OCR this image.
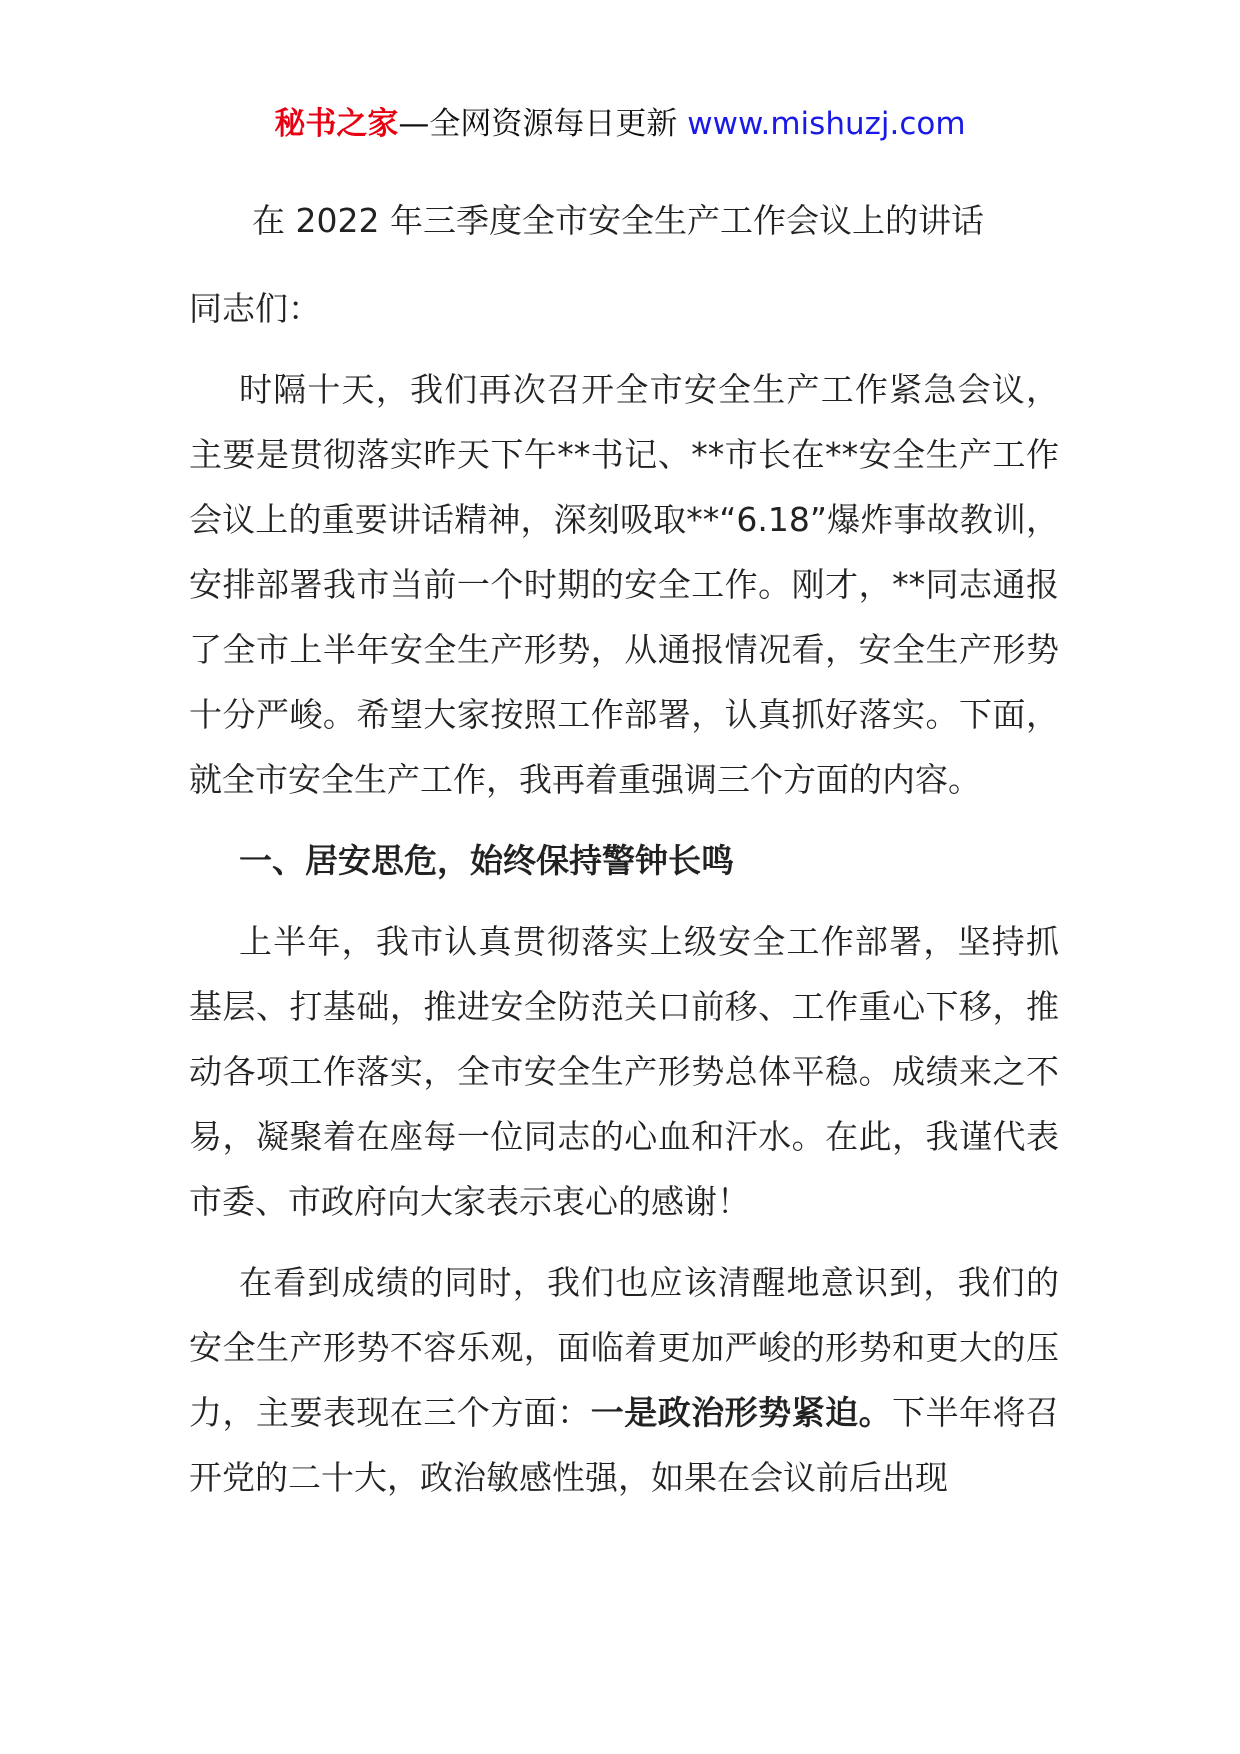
秘书之家—全网资源每日更新 www.mishuzj.com
在 2022 年三季度全市安全生产工作会议上的讲话

同志们：

时隔十天，我们再次召开全市安全生产工作紧急会议，主要是贯彻落实昨天下午**书记、**市长在**安全生产工作会议上的重要讲话精神，深刻吸取**“6.18”爆炸事故教训，安排部署我市当前一个时期的安全工作。刚才，**同志通报了全市上半年安全生产形势，从通报情况看，安全生产形势十分严峻。希望大家按照工作部署，认真抓好落实。下面，就全市安全生产工作，我再着重强调三个方面的内容。

一、居安思危，始终保持警钟长鸣

上半年，我市认真贯彻落实上级安全工作部署，坚持抓基层、打基础，推进安全防范关口前移、工作重心下移，推动各项工作落实，全市安全生产形势总体平稳。成绩来之不易，凝聚着在座每一位同志的心血和汗水。在此，我谨代表市委、市政府向大家表示衷心的感谢！

在看到成绩的同时，我们也应该清醒地意识到，我们的安全生产形势不容乐观，面临着更加严峻的形势和更大的压力，主要表现在三个方面：一是政治形势紧迫。下半年将召开党的二十大，政治敏感性强，如果在会议前后出现
